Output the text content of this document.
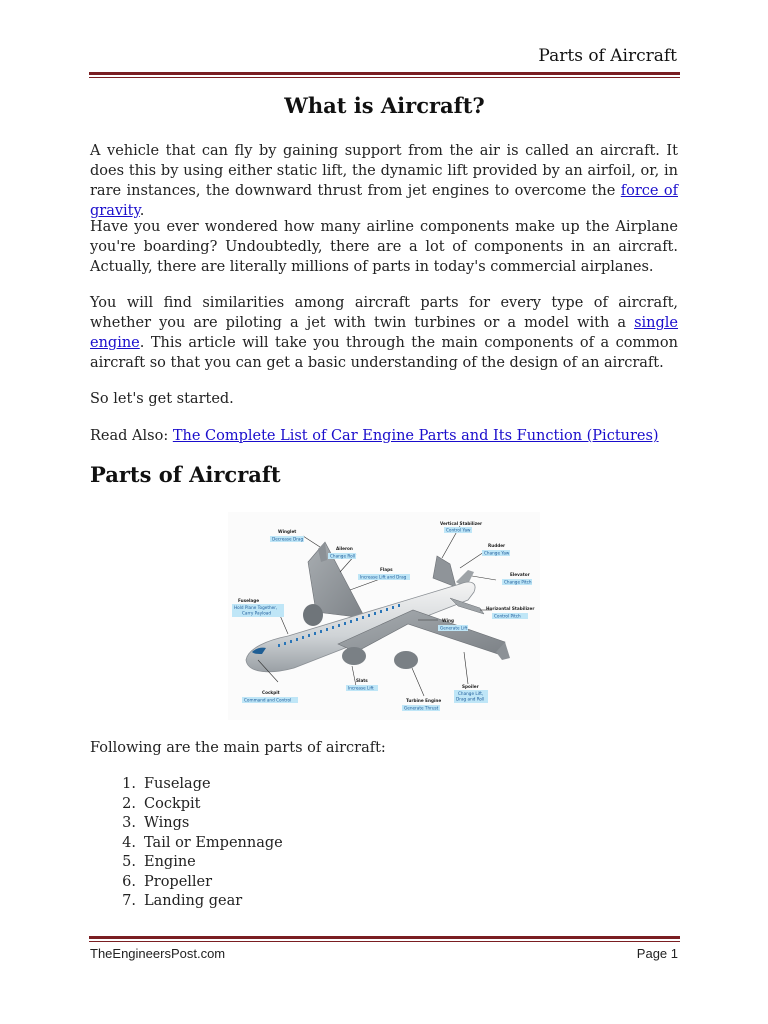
Parts of Aircraft
What is Aircraft?

A vehicle that can fly by gaining support from the air is called an aircraft. It does this by using either static lift, the dynamic lift provided by an airfoil, or, in rare instances, the downward thrust from jet engines to overcome the force of gravity.

Have you ever wondered how many airline components make up the Airplane you're boarding? Undoubtedly, there are a lot of components in an aircraft. Actually, there are literally millions of parts in today's commercial airplanes.

You will find similarities among aircraft parts for every type of aircraft, whether you are piloting a jet with twin turbines or a model with a single engine. This article will take you through the main components of a common aircraft so that you can get a basic understanding of the design of an aircraft.

So let's get started.

Read Also: The Complete List of Car Engine Parts and Its Function (Pictures)

Parts of Aircraft
Winglet
Decrease Drag
Aileron
Change Roll
Flaps
Increase Lift and Drag
Vertical Stabilizer
Control Yaw
Rudder
Change Yaw
Elevator
Change Pitch
Horizontal Stabilizer
Control Pitch
Fuselage
Hold Plane Together,
Carry Payload
Wing
Generate Lift
Cockpit
Command and Control
Slats
Increase Lift
Turbine Engine
Generate Thrust
Spoiler
Change Lift,
Drag and Roll

Following are the main parts of aircraft:

1. Fuselage
2. Cockpit
3. Wings
4. Tail or Empennage
5. Engine
6. Propeller
7. Landing gear
TheEngineersPost.com	Page 1
